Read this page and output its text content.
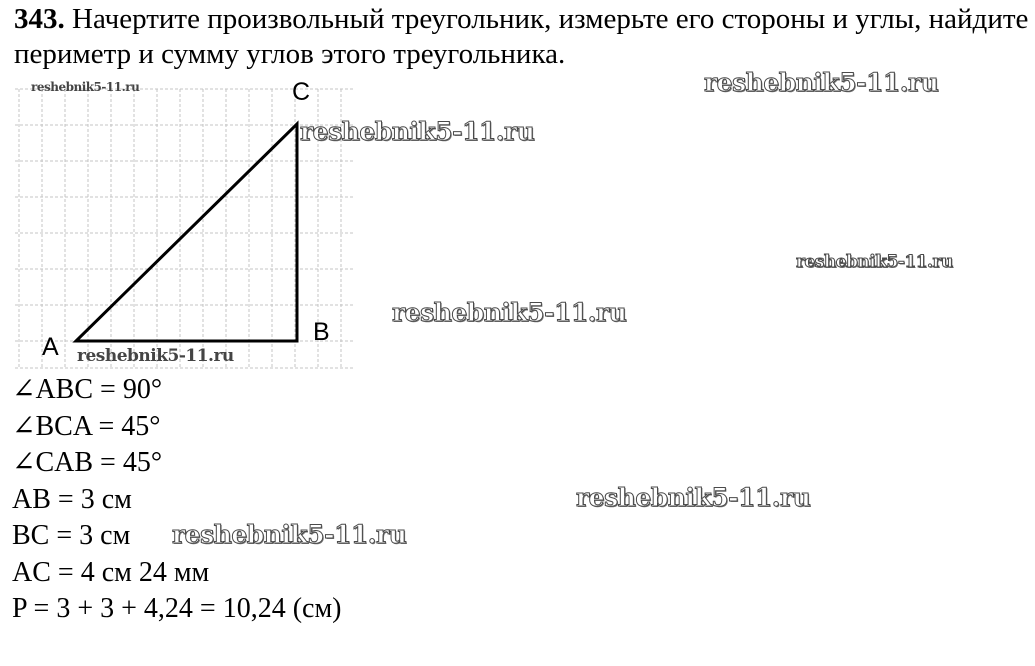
343. Начертите произвольный треугольник, измерьте его стороны и углы, найдите периметр и сумму углов этого треугольника.
A
B
C
∠ABC = 90°
∠BCA = 45°
∠CAB = 45°
AB = 3 см
BC = 3 см
AC = 4 см 24 мм
P = 3 + 3 + 4,24 = 10,24 (см)
reshebnik5-11.ru	reshebnik5-11.ru
reshebnik5-11.ru
reshebnik5-11.ru
reshebnik5-11.ru
reshebnik5-11.ru
reshebnik5-11.ru
reshebnik5-11.ru
